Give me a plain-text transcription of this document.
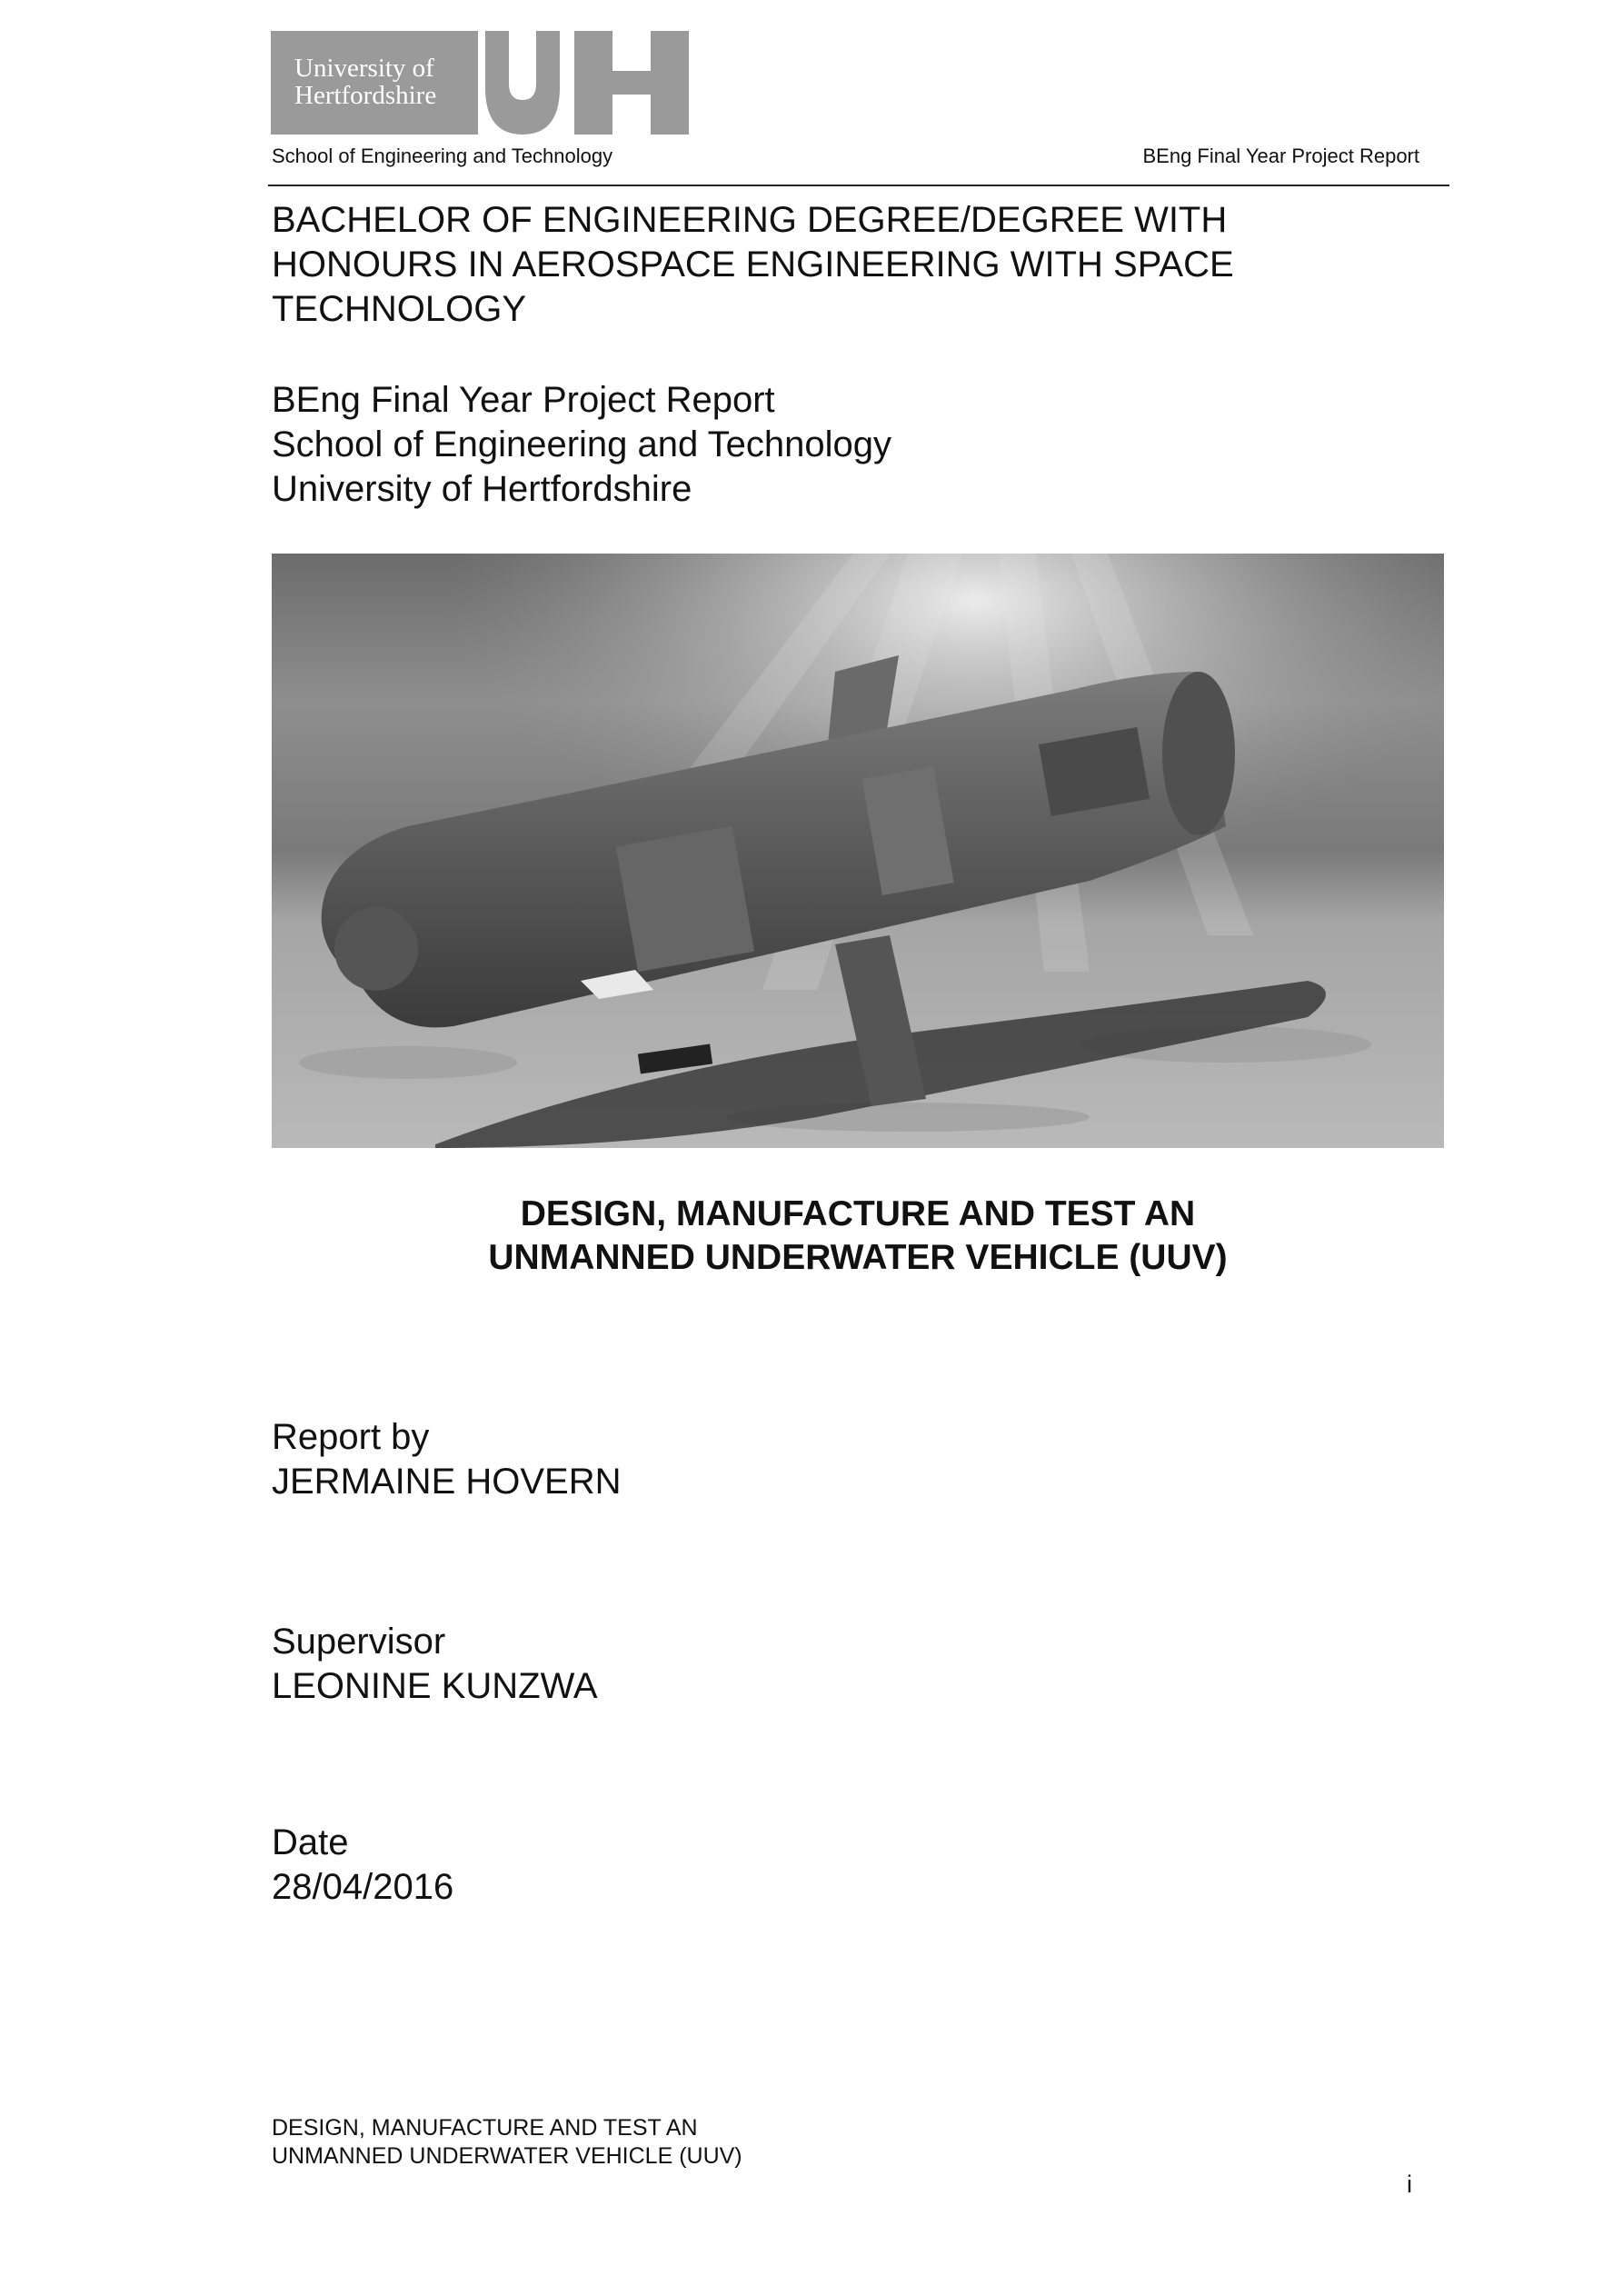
University of
Hertfordshire
School of Engineering and Technology	BEng Final Year Project Report
BACHELOR OF ENGINEERING DEGREE/DEGREE WITH
HONOURS IN AEROSPACE ENGINEERING WITH SPACE
TECHNOLOGY
BEng Final Year Project Report
School of Engineering and Technology
University of Hertfordshire
DESIGN, MANUFACTURE AND TEST AN
UNMANNED UNDERWATER VEHICLE (UUV)
Report by
JERMAINE HOVERN
Supervisor
LEONINE KUNZWA
Date
28/04/2016
DESIGN, MANUFACTURE AND TEST AN
UNMANNED UNDERWATER VEHICLE (UUV)
i
